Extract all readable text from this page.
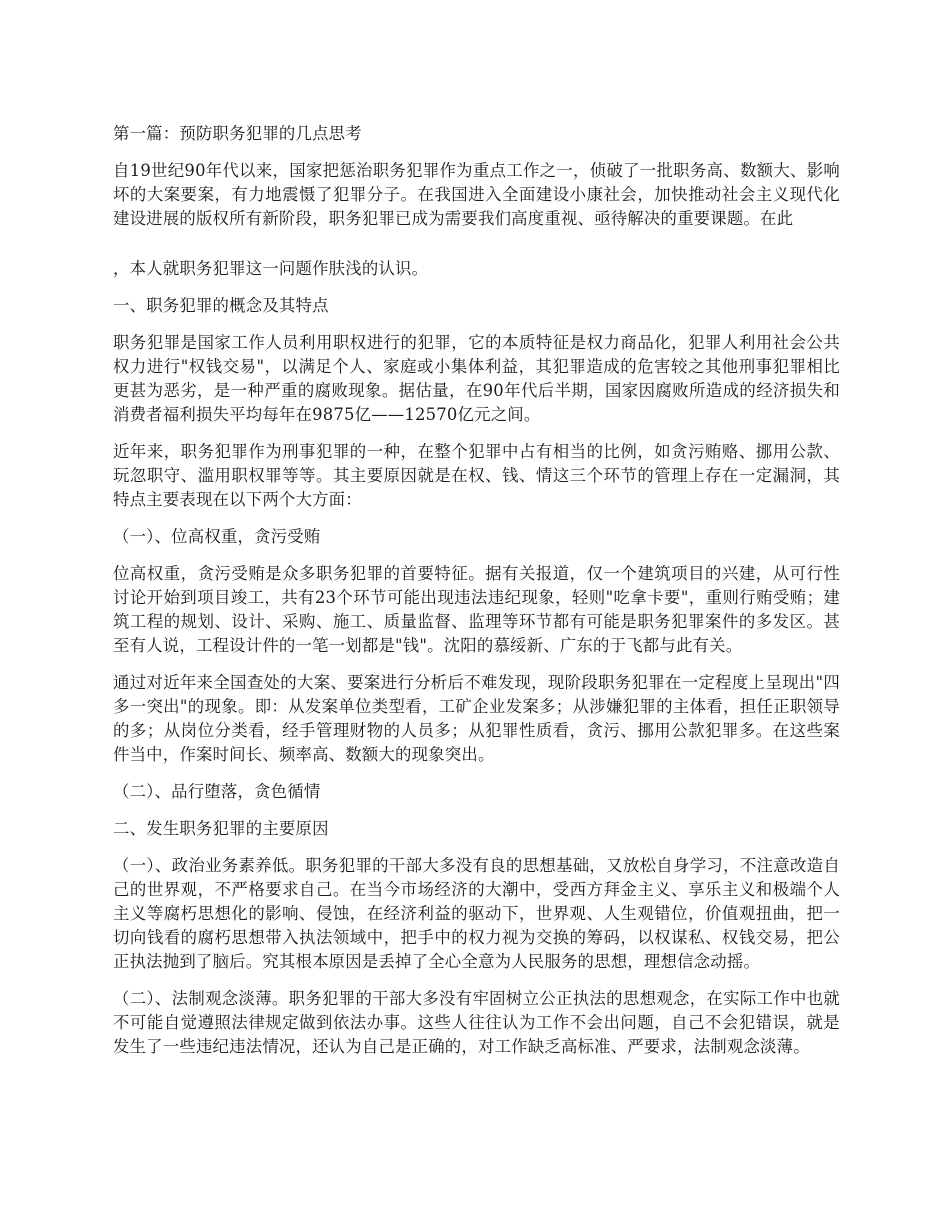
第一篇：预防职务犯罪的几点思考

自19世纪90年代以来，国家把惩治职务犯罪作为重点工作之一，侦破了一批职务高、数额大、影响坏的大案要案，有力地震慑了犯罪分子。在我国进入全面建设小康社会，加快推动社会主义现代化建设进展的版权所有新阶段，职务犯罪已成为需要我们高度重视、亟待解决的重要课题。在此

，本人就职务犯罪这一问题作肤浅的认识。

一、职务犯罪的概念及其特点

职务犯罪是国家工作人员利用职权进行的犯罪，它的本质特征是权力商品化，犯罪人利用社会公共权力进行"权钱交易"，以满足个人、家庭或小集体利益，其犯罪造成的危害较之其他刑事犯罪相比更甚为恶劣，是一种严重的腐败现象。据估量，在90年代后半期，国家因腐败所造成的经济损失和消费者福利损失平均每年在9875亿——12570亿元之间。

近年来，职务犯罪作为刑事犯罪的一种，在整个犯罪中占有相当的比例，如贪污贿赂、挪用公款、玩忽职守、滥用职权罪等等。其主要原因就是在权、钱、情这三个环节的管理上存在一定漏洞，其特点主要表现在以下两个大方面：

（一）、位高权重，贪污受贿

位高权重，贪污受贿是众多职务犯罪的首要特征。据有关报道，仅一个建筑项目的兴建，从可行性讨论开始到项目竣工，共有23个环节可能出现违法违纪现象，轻则"吃拿卡要"，重则行贿受贿；建筑工程的规划、设计、采购、施工、质量监督、监理等环节都有可能是职务犯罪案件的多发区。甚至有人说，工程设计件的一笔一划都是"钱"。沈阳的慕绥新、广东的于飞都与此有关。

通过对近年来全国查处的大案、要案进行分析后不难发现，现阶段职务犯罪在一定程度上呈现出"四多一突出"的现象。即：从发案单位类型看，工矿企业发案多；从涉嫌犯罪的主体看，担任正职领导的多；从岗位分类看，经手管理财物的人员多；从犯罪性质看，贪污、挪用公款犯罪多。在这些案件当中，作案时间长、频率高、数额大的现象突出。

（二）、品行堕落，贪色循情

二、发生职务犯罪的主要原因

（一）、政治业务素养低。职务犯罪的干部大多没有良的思想基础，又放松自身学习，不注意改造自己的世界观，不严格要求自己。在当今市场经济的大潮中，受西方拜金主义、享乐主义和极端个人主义等腐朽思想化的影响、侵蚀，在经济利益的驱动下，世界观、人生观错位，价值观扭曲，把一切向钱看的腐朽思想带入执法领域中，把手中的权力视为交换的筹码，以权谋私、权钱交易，把公正执法抛到了脑后。究其根本原因是丢掉了全心全意为人民服务的思想，理想信念动摇。

（二）、法制观念淡薄。职务犯罪的干部大多没有牢固树立公正执法的思想观念，在实际工作中也就不可能自觉遵照法律规定做到依法办事。这些人往往认为工作不会出问题，自己不会犯错误，就是发生了一些违纪违法情况，还认为自己是正确的，对工作缺乏高标准、严要求，法制观念淡薄。
